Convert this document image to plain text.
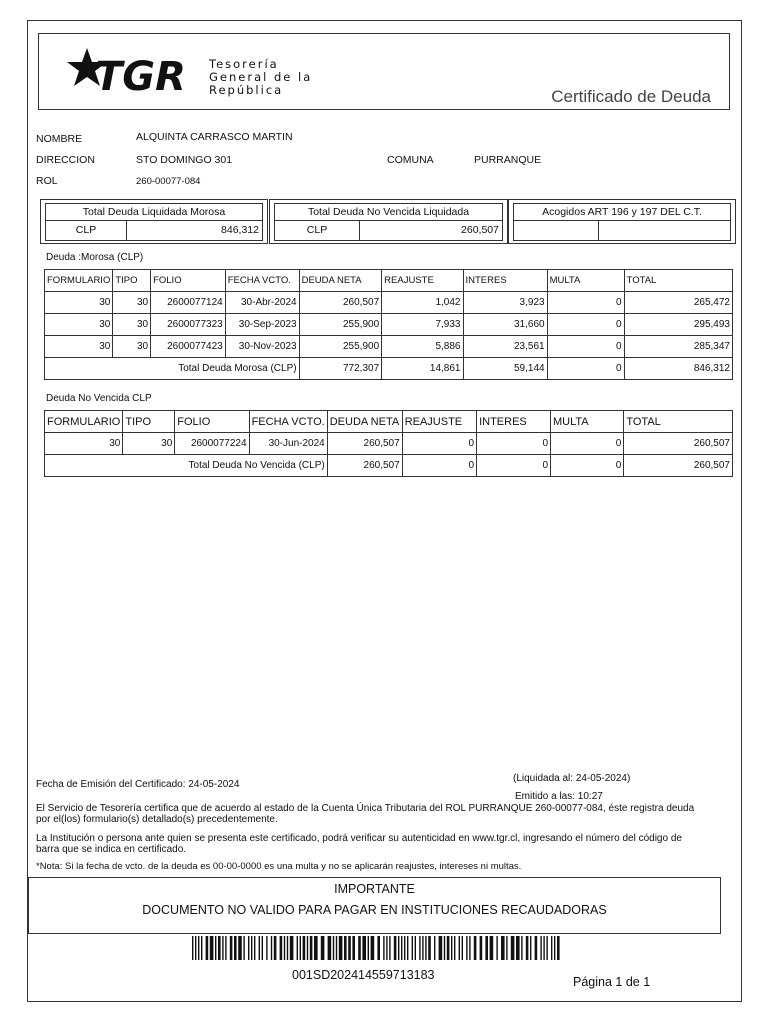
TGR Tesorería
General de la
República	Certificado de Deuda
NOMBRE	ALQUINTA CARRASCO MARTIN
DIRECCION	STO DOMINGO 301	COMUNA	PURRANQUE
ROL	260-00077-084
Total Deuda Liquidada Morosa
CLP	846,312
Total Deuda No Vencida Liquidada
CLP	260,507
Acogidos ART 196 y 197 DEL C.T.
Deuda :Morosa (CLP)
FORMULARIO	TIPO	FOLIO	FECHA VCTO.	DEUDA NETA	REAJUSTE	INTERES	MULTA	TOTAL
30	30	2600077124	30-Abr-2024	260,507	1,042	3,923	0	265,472
30	30	2600077323	30-Sep-2023	255,900	7,933	31,660	0	295,493
30	30	2600077423	30-Nov-2023	255,900	5,886	23,561	0	285,347
Total Deuda Morosa (CLP)				772,307	14,861	59,144	0	846,312
Deuda No Vencida CLP
FORMULARIO	TIPO	FOLIO	FECHA VCTO.	DEUDA NETA	REAJUSTE	INTERES	MULTA	TOTAL
30	30	2600077224	30-Jun-2024	260,507	0	0	0	260,507
Total Deuda No Vencida (CLP)				260,507	0	0	0	260,507
Fecha de Emisión del Certificado: 24-05-2024
(Liquidada al: 24-05-2024)
Emitido a las: 10:27
El Servicio de Tesorería certifica que de acuerdo al estado de la Cuenta Única Tributaria del ROL PURRANQUE 260-00077-084, éste registra deuda
por el(los) formulario(s) detallado(s) precedentemente.
La Institución o persona ante quien se presenta este certificado, podrá verificar su autenticidad en www.tgr.cl, ingresando el número del código de
barra que se indica en certificado.
*Nota: Si la fecha de vcto. de la deuda es 00-00-0000 es una multa y no se aplicarán reajustes, intereses ni multas.
IMPORTANTE
DOCUMENTO NO VALIDO PARA PAGAR EN INSTITUCIONES RECAUDADORAS
001SD202414559713183	Página 1 de 1
